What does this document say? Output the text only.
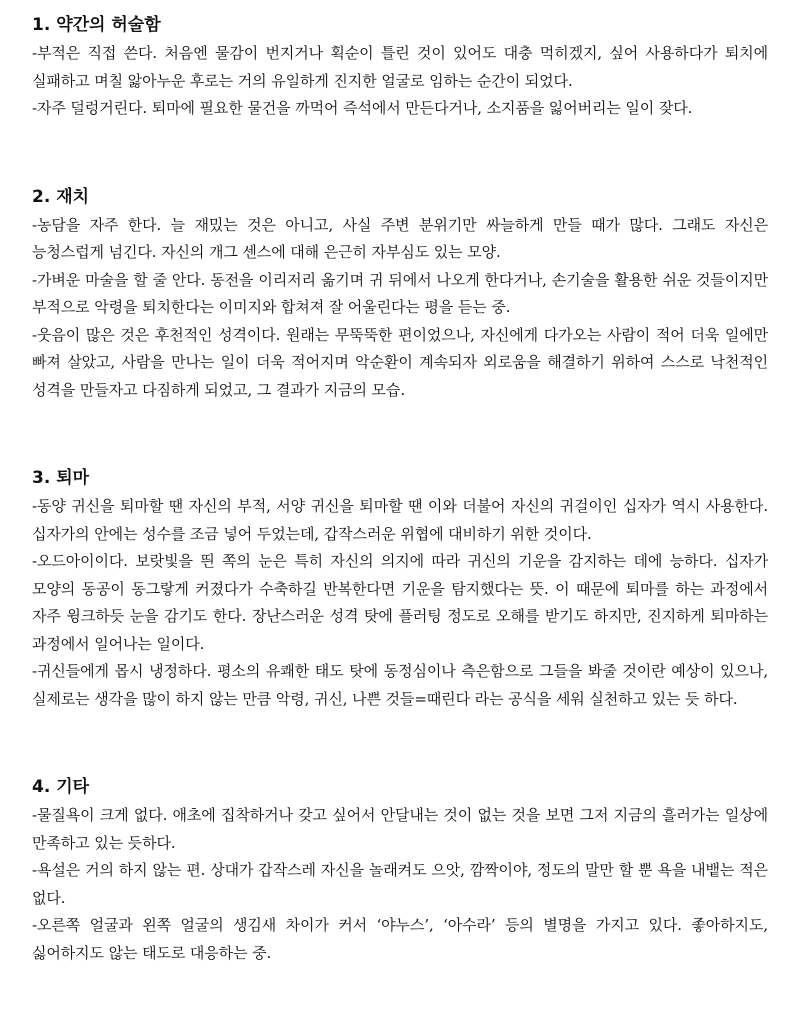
1. 약간의 허술함

-부적은 직접 쓴다. 처음엔 물감이 번지거나 획순이 틀린 것이 있어도 대충 먹히겠지, 싶어 사용하다가 퇴치에 실패하고 며칠 앓아누운 후로는 거의 유일하게 진지한 얼굴로 임하는 순간이 되었다.

-자주 덜렁거린다. 퇴마에 필요한 물건을 까먹어 즉석에서 만든다거나, 소지품을 잃어버리는 일이 잦다.

2. 재치

-농담을 자주 한다. 늘 재밌는 것은 아니고, 사실 주변 분위기만 싸늘하게 만들 때가 많다. 그래도 자신은 능청스럽게 넘긴다. 자신의 개그 센스에 대해 은근히 자부심도 있는 모양.

-가벼운 마술을 할 줄 안다. 동전을 이리저리 옮기며 귀 뒤에서 나오게 한다거나, 손기술을 활용한 쉬운 것들이지만 부적으로 악령을 퇴치한다는 이미지와 합쳐져 잘 어울린다는 평을 듣는 중.

-웃음이 많은 것은 후천적인 성격이다. 원래는 무뚝뚝한 편이었으나, 자신에게 다가오는 사람이 적어 더욱 일에만 빠져 살았고, 사람을 만나는 일이 더욱 적어지며 악순환이 계속되자 외로움을 해결하기 위하여 스스로 낙천적인 성격을 만들자고 다짐하게 되었고, 그 결과가 지금의 모습.

3. 퇴마

-동양 귀신을 퇴마할 땐 자신의 부적, 서양 귀신을 퇴마할 땐 이와 더불어 자신의 귀걸이인 십자가 역시 사용한다. 십자가의 안에는 성수를 조금 넣어 두었는데, 갑작스러운 위협에 대비하기 위한 것이다.

-오드아이이다. 보랏빛을 띈 쪽의 눈은 특히 자신의 의지에 따라 귀신의 기운을 감지하는 데에 능하다. 십자가 모양의 동공이 동그랗게 커졌다가 수축하길 반복한다면 기운을 탐지했다는 뜻. 이 때문에 퇴마를 하는 과정에서 자주 윙크하듯 눈을 감기도 한다. 장난스러운 성격 탓에 플러팅 정도로 오해를 받기도 하지만, 진지하게 퇴마하는 과정에서 일어나는 일이다.

-귀신들에게 몹시 냉정하다. 평소의 유쾌한 태도 탓에 동정심이나 측은함으로 그들을 봐줄 것이란 예상이 있으나, 실제로는 생각을 많이 하지 않는 만큼 악령, 귀신, 나쁜 것들=때린다 라는 공식을 세워 실천하고 있는 듯 하다.

4. 기타

-물질욕이 크게 없다. 애초에 집착하거나 갖고 싶어서 안달내는 것이 없는 것을 보면 그저 지금의 흘러가는 일상에 만족하고 있는 듯하다.

-욕설은 거의 하지 않는 편. 상대가 갑작스레 자신을 놀래켜도 으앗, 깜짝이야, 정도의 말만 할 뿐 욕을 내뱉는 적은 없다.

-오른쪽 얼굴과 왼쪽 얼굴의 생김새 차이가 커서 ‘야누스’, ‘아수라’ 등의 별명을 가지고 있다. 좋아하지도, 싫어하지도 않는 태도로 대응하는 중.
